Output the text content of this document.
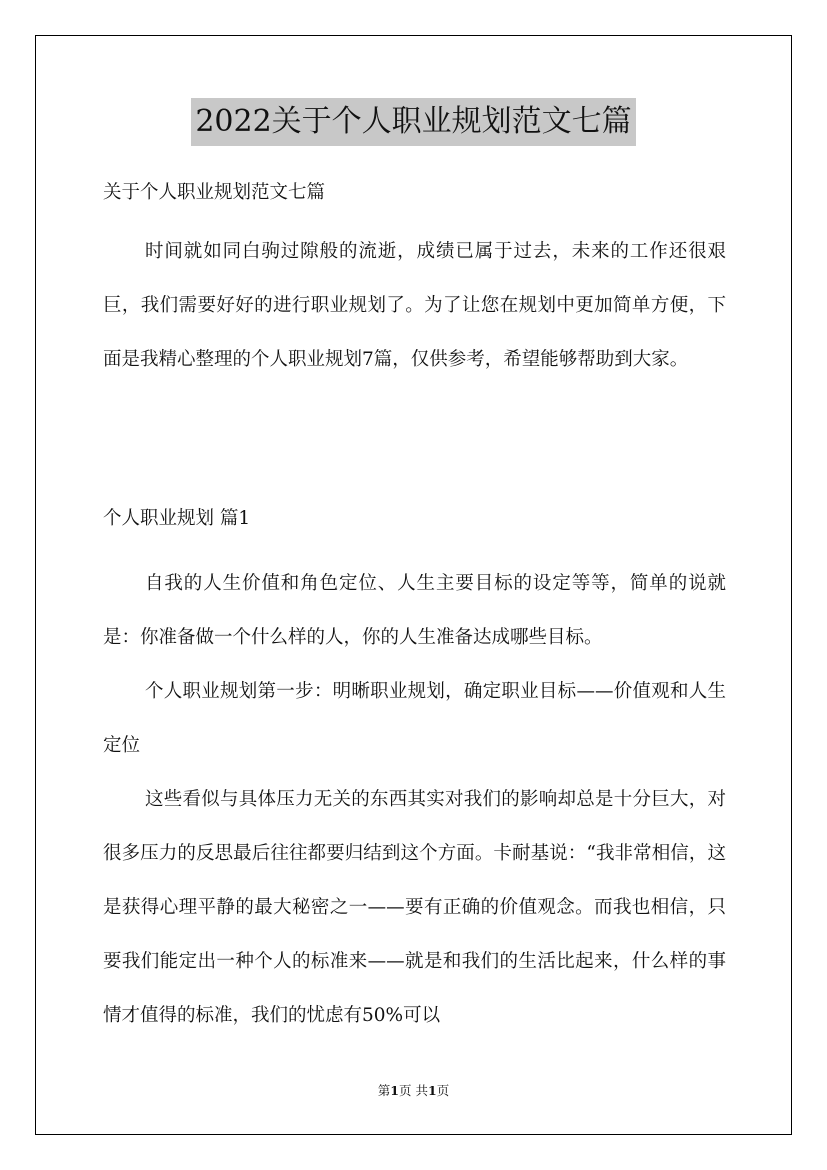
2022关于个人职业规划范文七篇

关于个人职业规划范文七篇

时间就如同白驹过隙般的流逝，成绩已属于过去，未来的工作还很艰巨，我们需要好好的进行职业规划了。为了让您在规划中更加简单方便，下面是我精心整理的个人职业规划7篇，仅供参考，希望能够帮助到大家。

个人职业规划 篇1

自我的人生价值和角色定位、人生主要目标的设定等等，简单的说就是：你准备做一个什么样的人，你的人生准备达成哪些目标。

个人职业规划第一步：明晰职业规划，确定职业目标——价值观和人生定位

这些看似与具体压力无关的东西其实对我们的影响却总是十分巨大，对很多压力的反思最后往往都要归结到这个方面。卡耐基说：“我非常相信，这是获得心理平静的最大秘密之一——要有正确的价值观念。而我也相信，只要我们能定出一种个人的标准来——就是和我们的生活比起来，什么样的事情才值得的标准，我们的忧虑有50%可以

第1页 共1页
